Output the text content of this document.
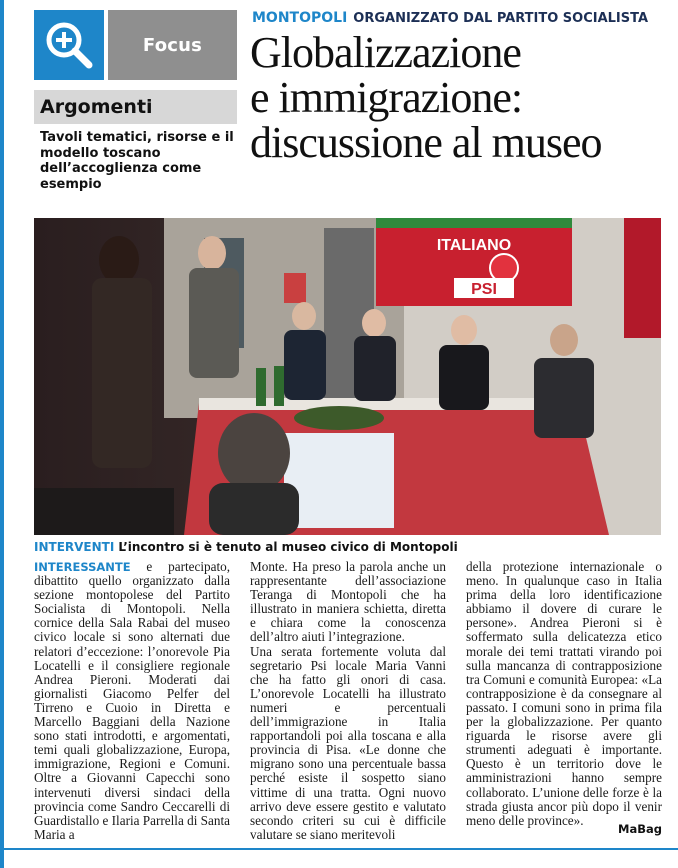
Focus
Argomenti
Tavoli tematici, risorse e il modello toscano dell’accoglienza come esempio
MONTOPOLI ORGANIZZATO DAL PARTITO SOCIALISTA
Globalizzazione
e immigrazione:
discussione al museo
ITALIANO
PSI
INTERVENTI L’incontro si è tenuto al museo civico di Montopoli

INTERESSANTE e partecipato, dibattito quello organizzato dalla sezione montopolese del Partito Socialista di Montopoli. Nella cornice della Sala Rabai del museo civico locale si sono alternati due relatori d’eccezione: l’onorevole Pia Locatelli e il consigliere regionale Andrea Pieroni. Moderati dai giornalisti Giacomo Pelfer del Tirreno e Cuoio in Diretta e Marcello Baggiani della Nazione sono stati introdotti, e argomentati, temi quali globalizzazione, Europa, immigrazione, Regioni e Comuni. Oltre a Giovanni Capecchi sono intervenuti diversi sindaci della provincia come Sandro Ceccarelli di Guardistallo e Ilaria Parrella di Santa Maria a

Monte. Ha preso la parola anche un rappresentante dell’associazione Teranga di Montopoli che ha illustrato in maniera schietta, diretta e chiara come la conoscenza dell’altro aiuti l’integrazione.

Una serata fortemente voluta dal segretario Psi locale Maria Vanni che ha fatto gli onori di casa. L’onorevole Locatelli ha illustrato numeri e percentuali dell’immigrazione in Italia rapportandoli poi alla toscana e alla provincia di Pisa. «Le donne che migrano sono una percentuale bassa perché esiste il sospetto siano vittime di una tratta. Ogni nuovo arrivo deve essere gestito e valutato secondo criteri su cui è difficile valutare se siano meritevoli

della protezione internazionale o meno. In qualunque caso in Italia prima della loro identificazione abbiamo il dovere di curare le persone». Andrea Pieroni si è soffermato sulla delicatezza etico morale dei temi trattati virando poi sulla mancanza di contrapposizione tra Comuni e comunità Europea: «La contrapposizione è da consegnare al passato. I comuni sono in prima fila per la globalizzazione. Per quanto riguarda le risorse avere gli strumenti adeguati è importante. Questo è un territorio dove le amministrazioni hanno sempre collaborato. L’unione delle forze è la strada giusta ancor più dopo il venir meno delle province».

MaBag
